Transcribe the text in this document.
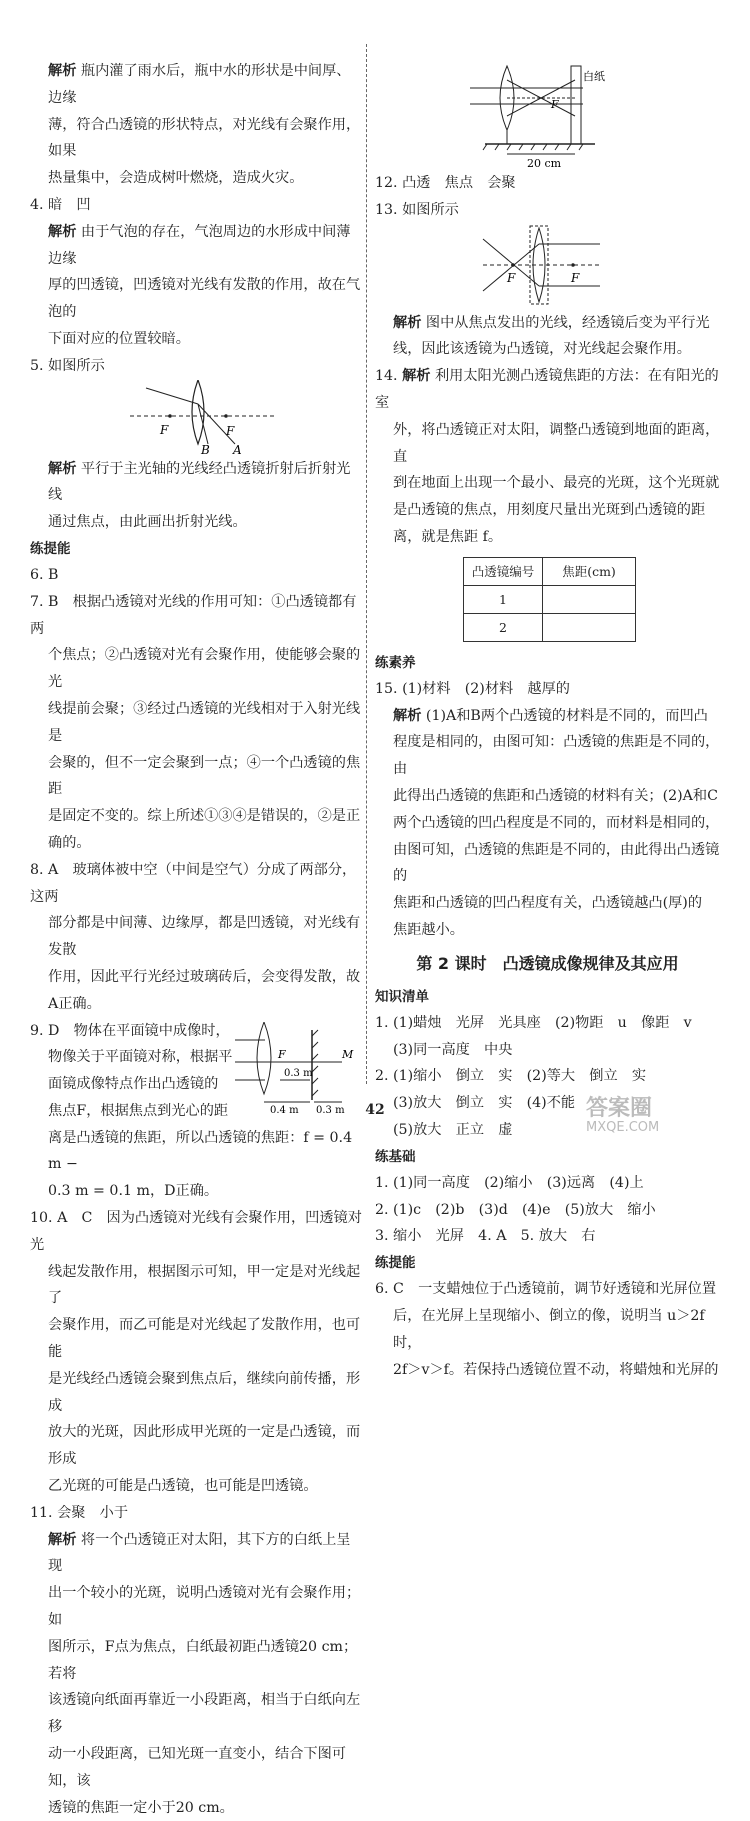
解析 瓶内灌了雨水后，瓶中水的形状是中间厚、边缘

薄，符合凸透镜的形状特点，对光线有会聚作用，如果

热量集中，会造成树叶燃烧，造成火灾。

4. 暗　凹

解析 由于气泡的存在，气泡周边的水形成中间薄边缘

厚的凹透镜，凹透镜对光线有发散的作用，故在气泡的

下面对应的位置较暗。

5. 如图所示

F	F
B A

解析 平行于主光轴的光线经凸透镜折射后折射光线

通过焦点，由此画出折射光线。

练提能

6. B

7. B　根据凸透镜对光线的作用可知：①凸透镜都有两

个焦点；②凸透镜对光有会聚作用，使能够会聚的光

线提前会聚；③经过凸透镜的光线相对于入射光线是

会聚的，但不一定会聚到一点；④一个凸透镜的焦距

是固定不变的。综上所述①③④是错误的，②是正

确的。

8. A　玻璃体被中空（中间是空气）分成了两部分，这两

部分都是中间薄、边缘厚，都是凹透镜，对光线有发散

作用，因此平行光经过玻璃砖后，会变得发散，故

A正确。

9. D　物体在平面镜中成像时，

物像关于平面镜对称，根据平

面镜成像特点作出凸透镜的

焦点F，根据焦点到光心的距

F	M
0.3 m
0.4 m 0.3 m

离是凸透镜的焦距，所以凸透镜的焦距：f = 0.4 m −

0.3 m = 0.1 m，D正确。

10. A　C　因为凸透镜对光线有会聚作用，凹透镜对光

线起发散作用，根据图示可知，甲一定是对光线起了

会聚作用，而乙可能是对光线起了发散作用，也可能

是光线经凸透镜会聚到焦点后，继续向前传播，形成

放大的光斑，因此形成甲光斑的一定是凸透镜，而形成

乙光斑的可能是凸透镜，也可能是凹透镜。

11. 会聚　小于

解析 将一个凸透镜正对太阳，其下方的白纸上呈现

出一个较小的光斑，说明凸透镜对光有会聚作用；如

图所示，F点为焦点，白纸最初距凸透镜20 cm；若将

该透镜向纸面再靠近一小段距离，相当于白纸向左移

动一小段距离，已知光斑一直变小，结合下图可知，该

透镜的焦距一定小于20 cm。

20 cm
白纸
F

12. 凸透　焦点　会聚

13. 如图所示

F	F

解析 图中从焦点发出的光线，经透镜后变为平行光

线，因此该透镜为凸透镜，对光线起会聚作用。

14. 解析 利用太阳光测凸透镜焦距的方法：在有阳光的室

外，将凸透镜正对太阳，调整凸透镜到地面的距离，直

到在地面上出现一个最小、最亮的光斑，这个光斑就

是凸透镜的焦点，用刻度尺量出光斑到凸透镜的距

离，就是焦距 f。

凸透镜编号	焦距(cm)
1	
2	

练素养

15. (1)材料　(2)材料　越厚的

解析 (1)A和B两个凸透镜的材料是不同的，而凹凸

程度是相同的，由图可知：凸透镜的焦距是不同的，由

此得出凸透镜的焦距和凸透镜的材料有关；(2)A和C

两个凸透镜的凹凸程度是不同的，而材料是相同的，

由图可知，凸透镜的焦距是不同的，由此得出凸透镜的

焦距和凸透镜的凹凸程度有关，凸透镜越凸(厚)的

焦距越小。

第 2 课时　凸透镜成像规律及其应用

知识清单

1. (1)蜡烛　光屏　光具座　(2)物距　u　像距　v

(3)同一高度　中央

2. (1)缩小　倒立　实　(2)等大　倒立　实

(3)放大　倒立　实　(4)不能

(5)放大　正立　虚

练基础

1. (1)同一高度　(2)缩小　(3)远离　(4)上

2. (1)c　(2)b　(3)d　(4)e　(5)放大　缩小

3. 缩小　光屏　4. A　5. 放大　右

练提能

6. C　一支蜡烛位于凸透镜前，调节好透镜和光屏位置

后，在光屏上呈现缩小、倒立的像，说明当 u＞2f 时，

2f＞v＞f。若保持凸透镜位置不动，将蜡烛和光屏的

42	答案圈
MXQE.COM
